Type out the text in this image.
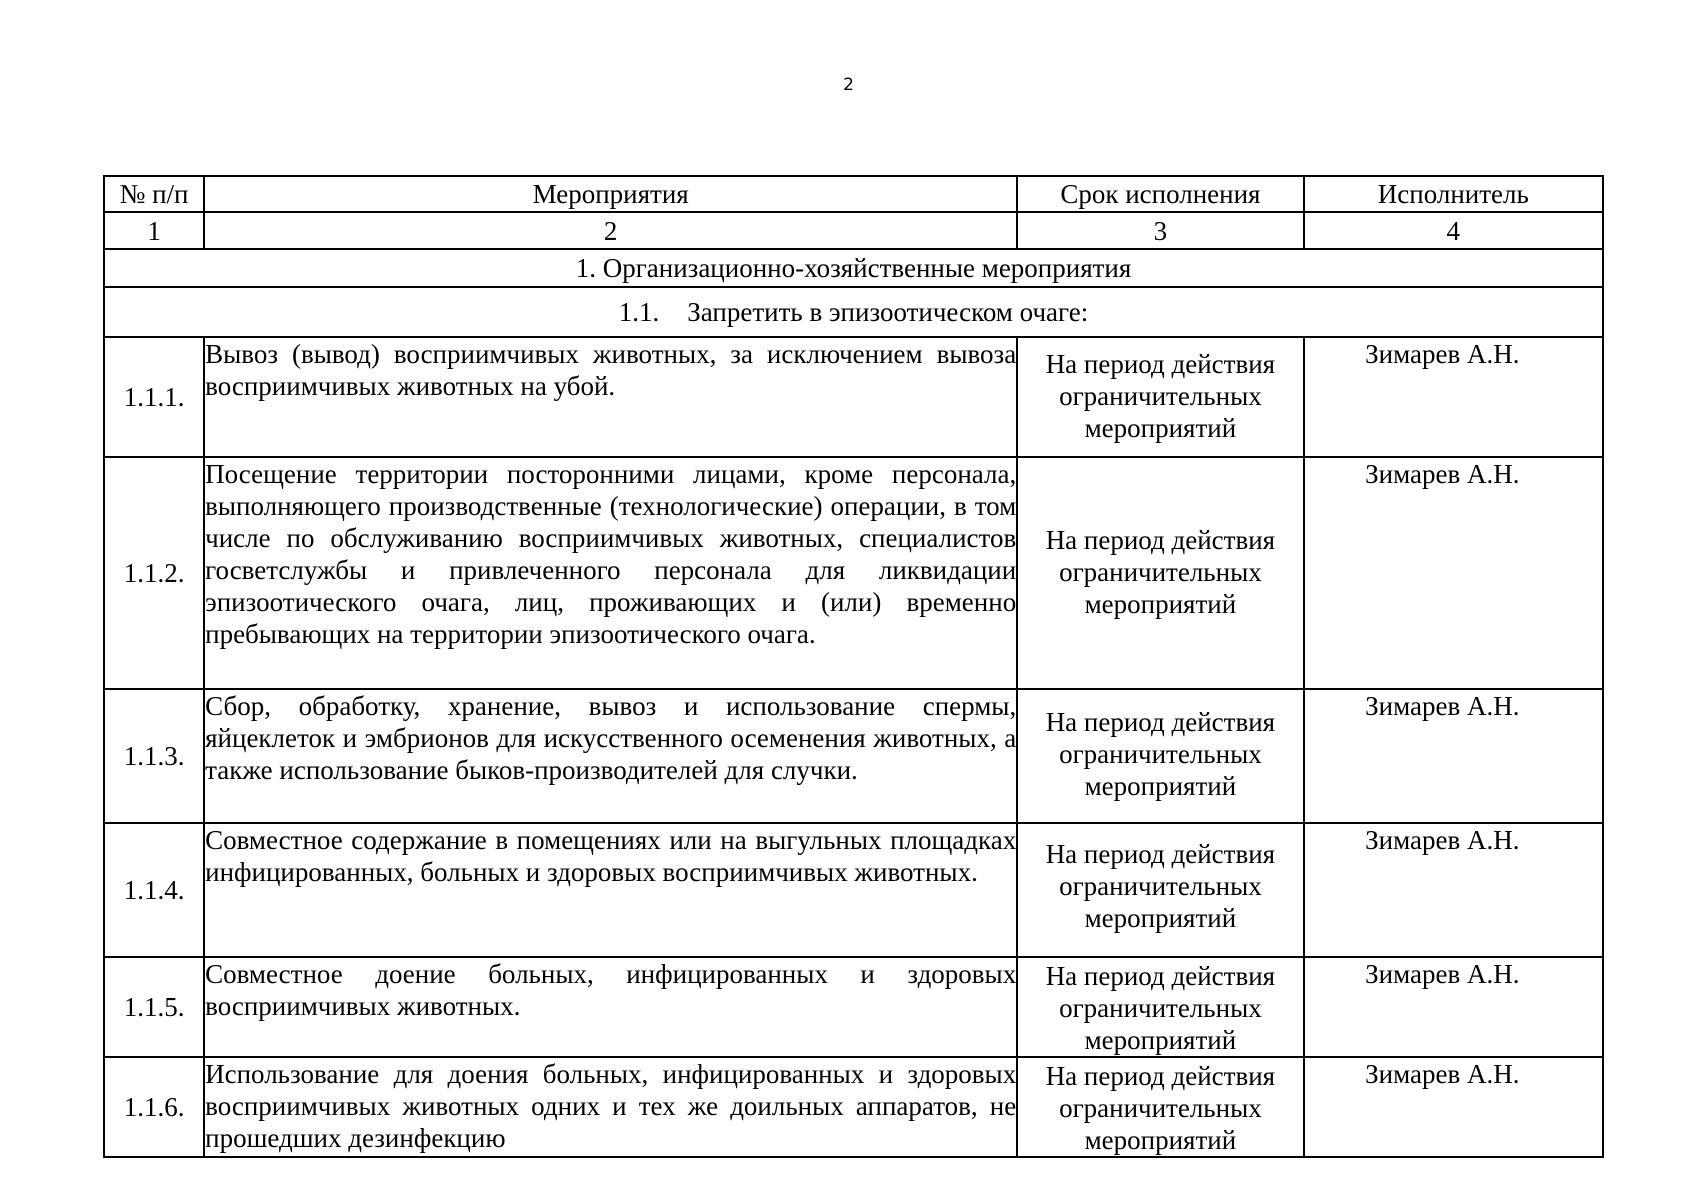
2
№ п/п	Мероприятия	Срок исполнения	Исполнитель
1	2	3	4
1. Организационно-хозяйственные мероприятия			
1.1. Запретить в эпизоотическом очаге:			
1.1.1.	Вывоз (вывод) восприимчивых животных, за исключением вывоза восприимчивых животных на убой.	На период действия ограничительных мероприятий	Зимарев А.Н.
1.1.2.	Посещение территории посторонними лицами, кроме персонала, выполняющего производственные (технологические) операции, в том числе по обслуживанию восприимчивых животных, специалистов госветслужбы и привлеченного персонала для ликвидации эпизоотического очага, лиц, проживающих и (или) временно пребывающих на территории эпизоотического очага.	На период действия ограничительных мероприятий	Зимарев А.Н.
1.1.3.	Сбор, обработку, хранение, вывоз и использование спермы, яйцеклеток и эмбрионов для искусственного осеменения животных, а также использование быков-производителей для случки.	На период действия ограничительных мероприятий	Зимарев А.Н.
1.1.4.	Совместное содержание в помещениях или на выгульных площадках инфицированных, больных и здоровых восприимчивых животных.	На период действия ограничительных мероприятий	Зимарев А.Н.
1.1.5.	Совместное доение больных, инфицированных и здоровых восприимчивых животных.	На период действия ограничительных мероприятий	Зимарев А.Н.
1.1.6.	Использование для доения больных, инфицированных и здоровых восприимчивых животных одних и тех же доильных аппаратов, не прошедших дезинфекцию	На период действия ограничительных мероприятий	Зимарев А.Н.
